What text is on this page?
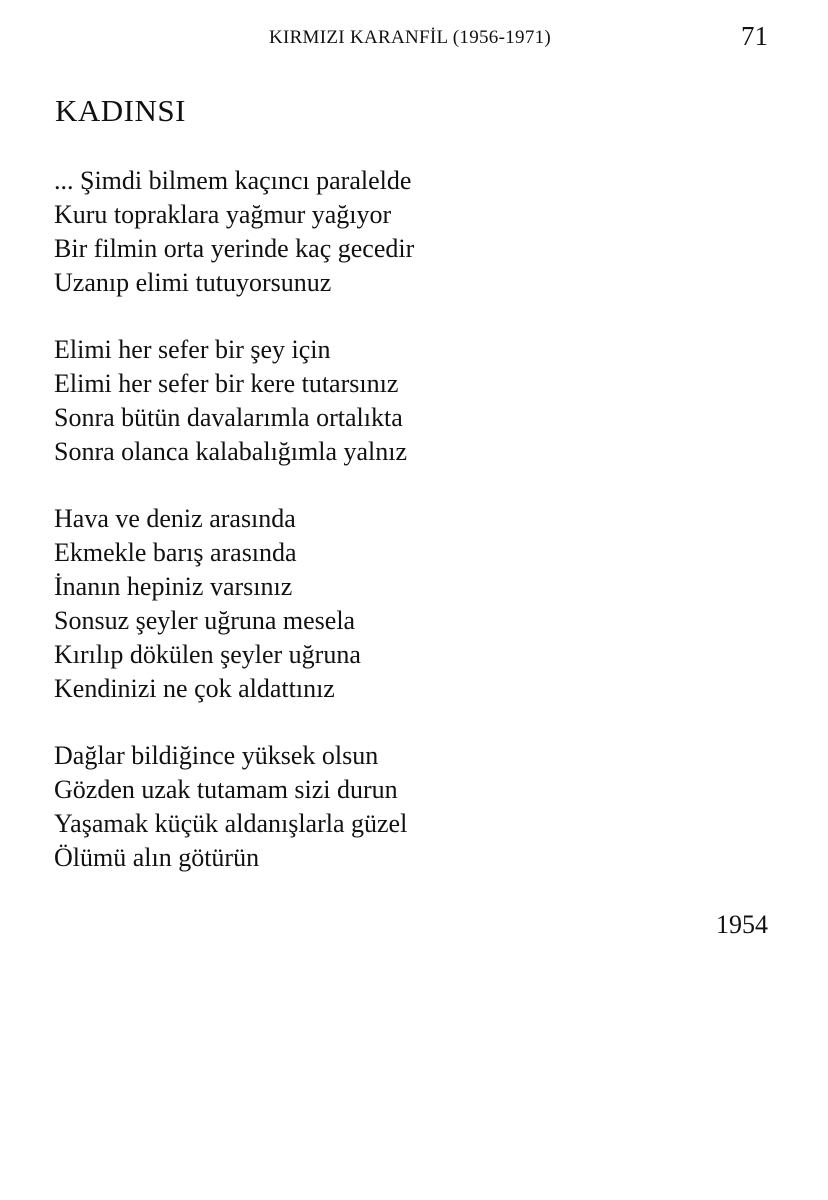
KIRMIZI KARANFİL (1956-1971)	71
KADINSI
... Şimdi bilmem kaçıncı paralelde
Kuru topraklara yağmur yağıyor
Bir filmin orta yerinde kaç gecedir
Uzanıp elimi tutuyorsunuz
Elimi her sefer bir şey için
Elimi her sefer bir kere tutarsınız
Sonra bütün davalarımla ortalıkta
Sonra olanca kalabalığımla yalnız
Hava ve deniz arasında
Ekmekle barış arasında
İnanın hepiniz varsınız
Sonsuz şeyler uğruna mesela
Kırılıp dökülen şeyler uğruna
Kendinizi ne çok aldattınız
Dağlar bildiğince yüksek olsun
Gözden uzak tutamam sizi durun
Yaşamak küçük aldanışlarla güzel
Ölümü alın götürün
1954
